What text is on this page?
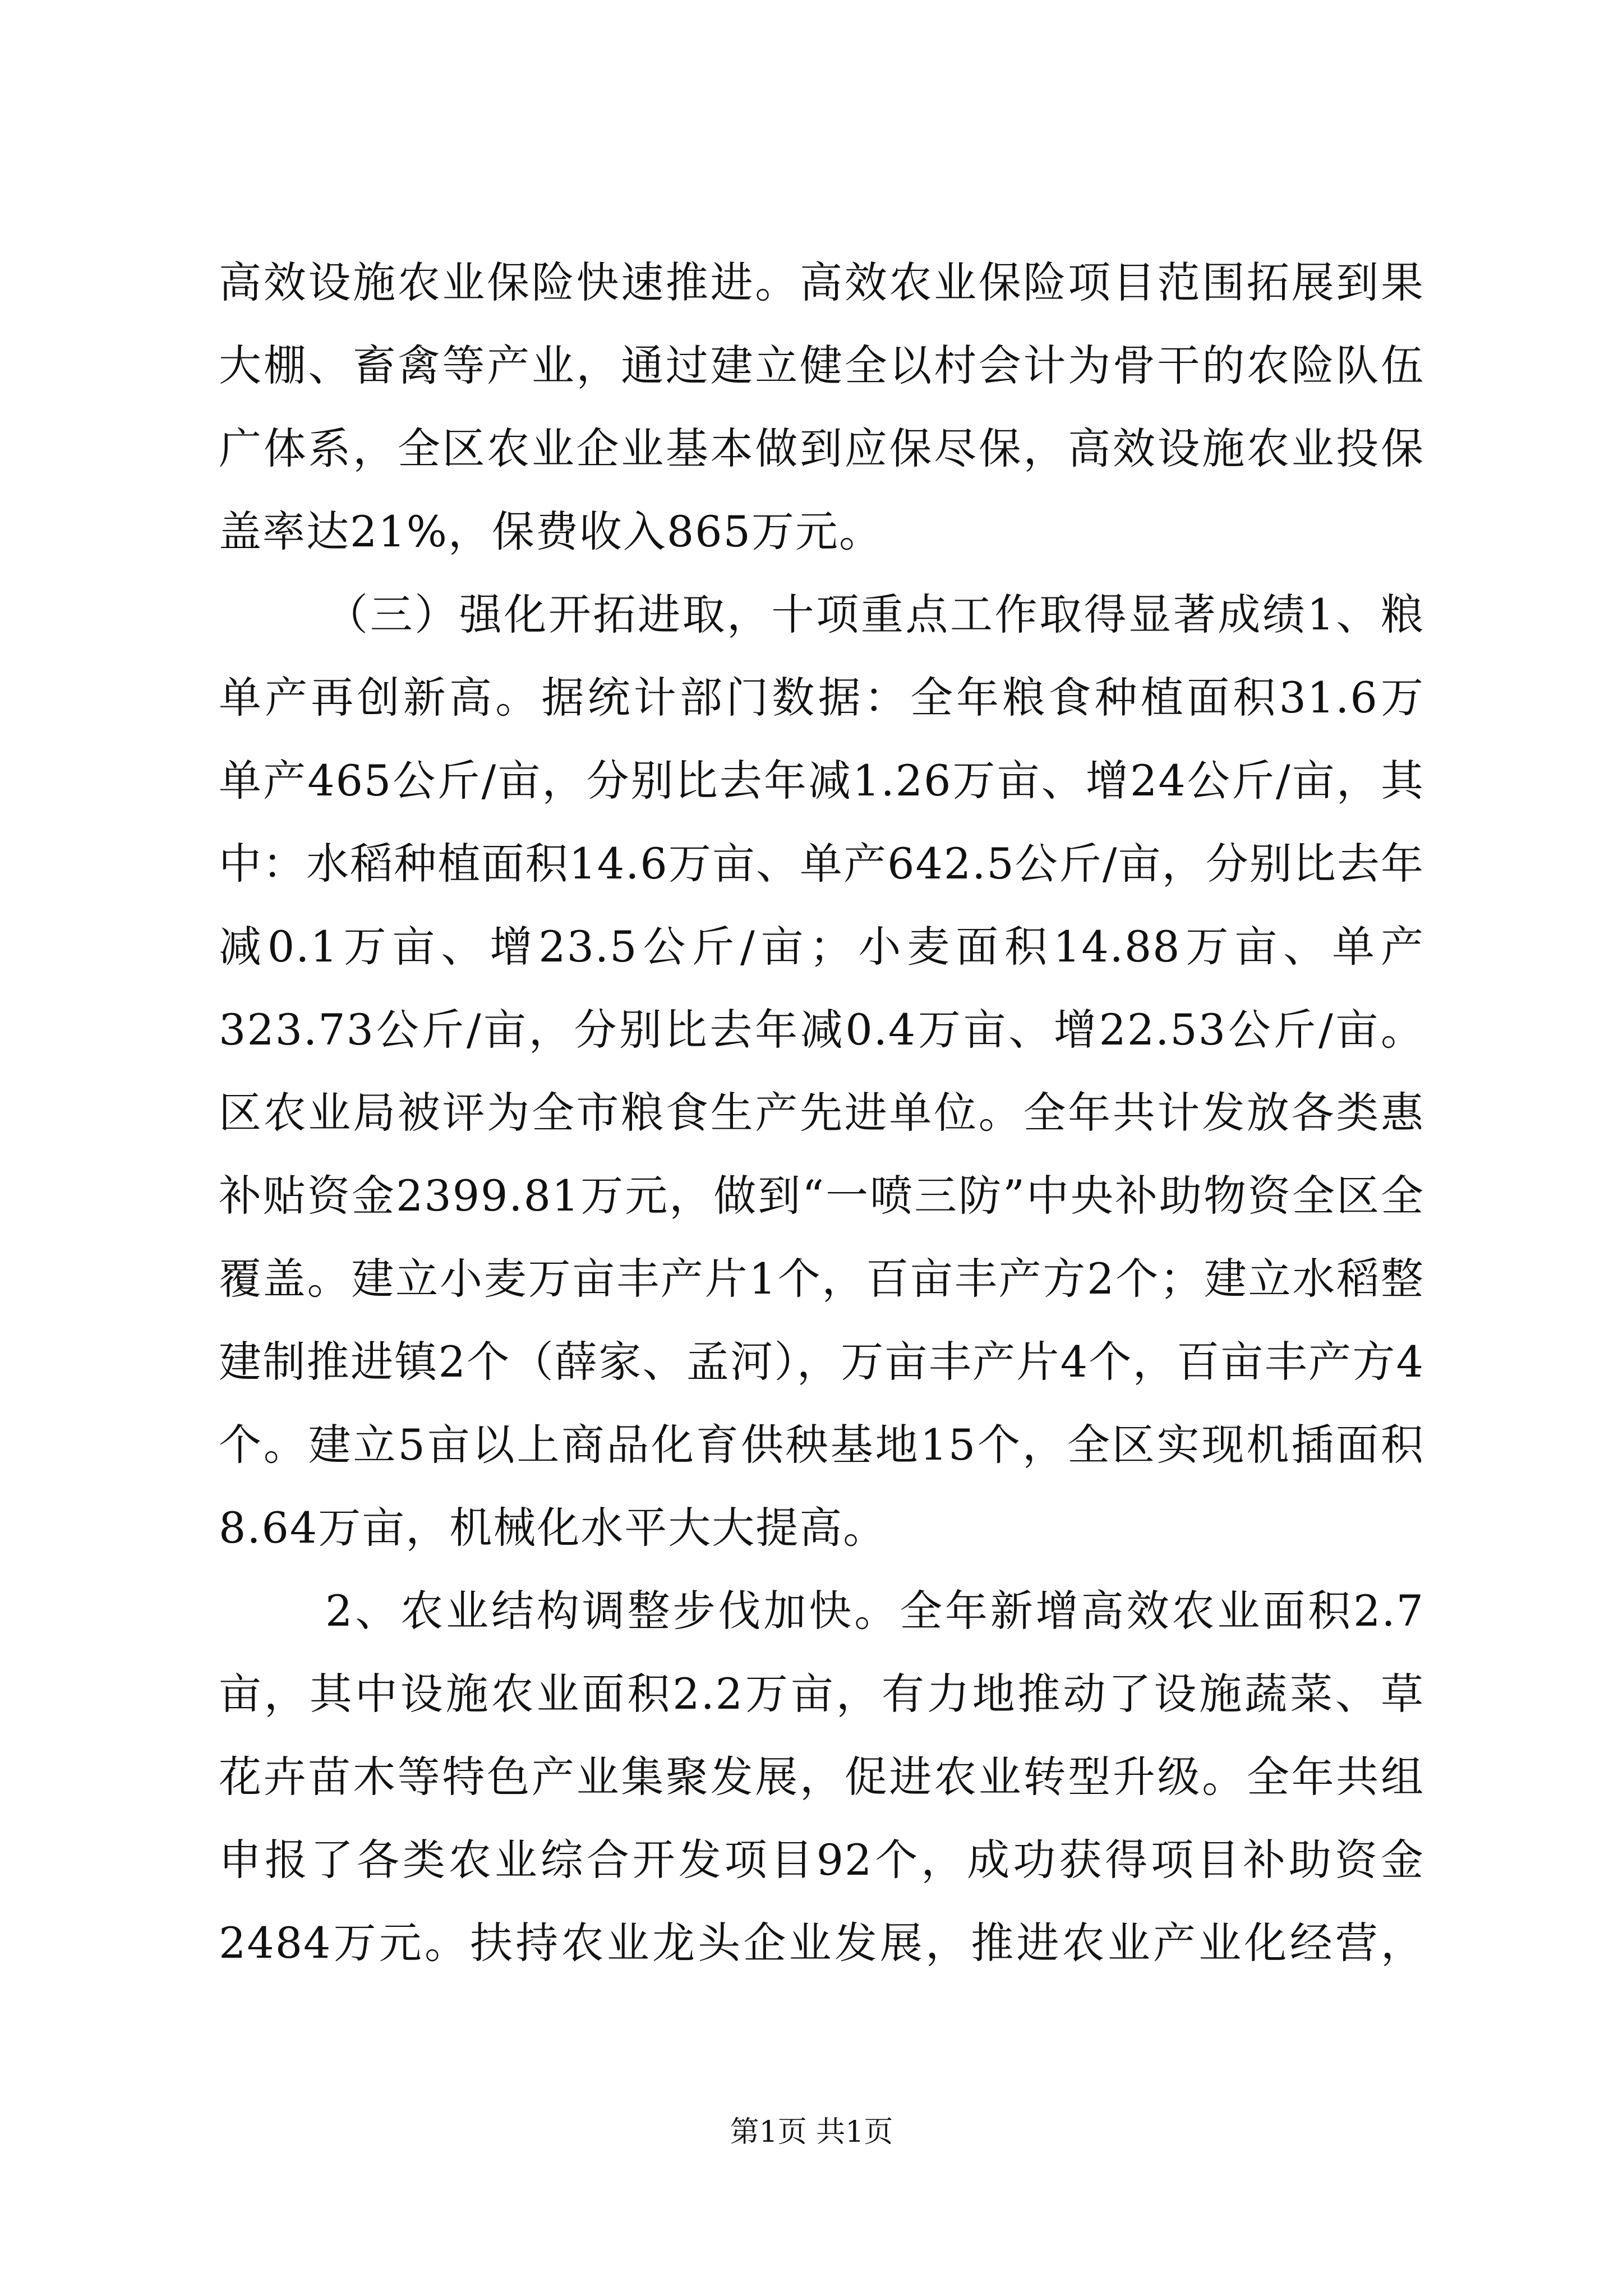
高效设施农业保险快速推进。高效农业保险项目范围拓展到果
大棚、畜禽等产业，通过建立健全以村会计为骨干的农险队伍
广体系，全区农业企业基本做到应保尽保，高效设施农业投保
盖率达21%，保费收入865万元。
（三）强化开拓进取，十项重点工作取得显著成绩1、粮
单产再创新高。据统计部门数据：全年粮食种植面积31.6万
单产465公斤/亩，分别比去年减1.26万亩、增24公斤/亩，其
中：水稻种植面积14.6万亩、单产642.5公斤/亩，分别比去年
减0.1万亩、增23.5公斤/亩；小麦面积14.88万亩、单产
323.73公斤/亩，分别比去年减0.4万亩、增22.53公斤/亩。
区农业局被评为全市粮食生产先进单位。全年共计发放各类惠
补贴资金2399.81万元，做到“一喷三防”中央补助物资全区全
覆盖。建立小麦万亩丰产片1个，百亩丰产方2个；建立水稻整
建制推进镇2个（薛家、孟河），万亩丰产片4个，百亩丰产方4
个。建立5亩以上商品化育供秧基地15个，全区实现机插面积
8.64万亩，机械化水平大大提高。
2、农业结构调整步伐加快。全年新增高效农业面积2.7
亩，其中设施农业面积2.2万亩，有力地推动了设施蔬菜、草
花卉苗木等特色产业集聚发展，促进农业转型升级。全年共组
申报了各类农业综合开发项目92个，成功获得项目补助资金
2484万元。扶持农业龙头企业发展，推进农业产业化经营，
第1页 共1页
